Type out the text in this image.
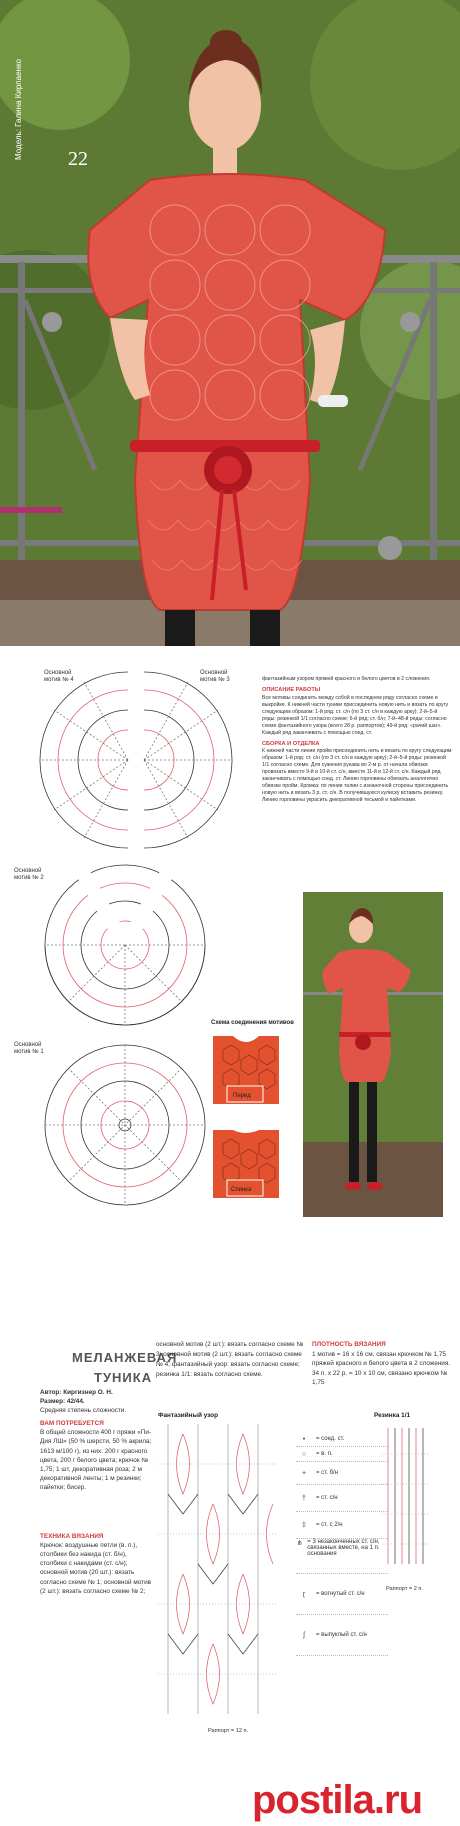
22
Модель: Галина Кирпаенко
Основной мотив № 4
Основной мотив № 3
Основной мотив № 2
Основной мотив № 1
Схема соединения мотивов
Перед
Спинка
фантазийным узором пряжей красного и белого цветов в 2 сложения.
ОПИСАНИЕ РАБОТЫ
Все мотивы соединить между собой в последнем ряду согласно схеме и выкройке. К нижней части туники присоединить новую нить и вязать по кругу следующим образом: 1-й ряд: ст. с/н (по 3 ст. с/н в каждую арку); 2-й–5-й ряды: резинкой 1/1 согласно схеме; 6-й ряд: ст. б/н; 7-й–48-й ряды: согласно схеме фантазийного узора (всего 28 р. раппортов); 49-й ряд: «рачий шаг». Каждый ряд заканчивать с помощью соед. ст.
СБОРКА И ОТДЕЛКА
К нижней части линии пройм присоединить нить и вязать по кругу следующим образом: 1-й ряд: ст. с/н (по 3 ст. с/н в каждую арку); 2-й–5-й ряды: резинкой 1/1 согласно схеме. Для сужения рукава во 2-м р. от начала обвязки провязать вместе 9-й и 10-й ст. с/н, вместе 11-й и 12-й ст. с/н. Каждый ряд заканчивать с помощью соед. ст. Линию горловины обвязать аналогично обвязке пройм. Кромка: по линии талии с изнаночной стороны присоединить новую нить и вязать 3 р. ст. с/н. В получившуюся кулиску вставить резинку. Линию горловины украсить декоративной тесьмой и пайетками.
МЕЛАНЖЕВАЯ
ТУНИКА
Автор: Киргизнер О. Н.
Размер: 42/44.
Средняя степень сложности.
ВАМ ПОТРЕБУЕТСЯ
В общей сложности 400 г пряжи «Пи-Дия ЛШ» (50 % шерсти, 50 % акрила; 1613 м/100 г), из них: 200 г красного цвета, 200 г белого цвета; крючок № 1,75; 1 шт. декоративная роза; 2 м декоративной ленты; 1 м резинки; пайетки; бисер.
ТЕХНИКА ВЯЗАНИЯ
Крючок: воздушные петли (в. п.), столбики без накида (ст. б/н), столбики с накидами (ст. с/н); основной мотив (20 шт.): вязать согласно схеме № 1; основной мотив (2 шт.): вязать согласно схеме № 2;
основной мотив (2 шт.): вязать согласно схеме № 3; основной мотив (2 шт.): вязать согласно схеме № 4; фантазийный узор: вязать согласно схеме; резинка 1/1: вязать согласно схеме.
ПЛОТНОСТЬ ВЯЗАНИЯ
1 мотив = 16 х 16 см, связан крючком № 1,75 пряжей красного и белого цвета в 2 сложения. 34 п. х 22 р. = 10 х 10 см, связано крючком № 1,75
Фантазийный узор	Резинка 1/1
Раппорт = 12 п.
•	= соед. ст.
○	= в. п.
+	= ст. б/н
†	= ст. с/н
‡	= ст. с 2/н
⋔ = 3 незаконченных ст. с/н, связанных вместе, на 1 п. основания
ɽ	= вогнутый ст. с/н
ʃ	= выпуклый ст. с/н
Раппорт = 2 п.
postila.ru
